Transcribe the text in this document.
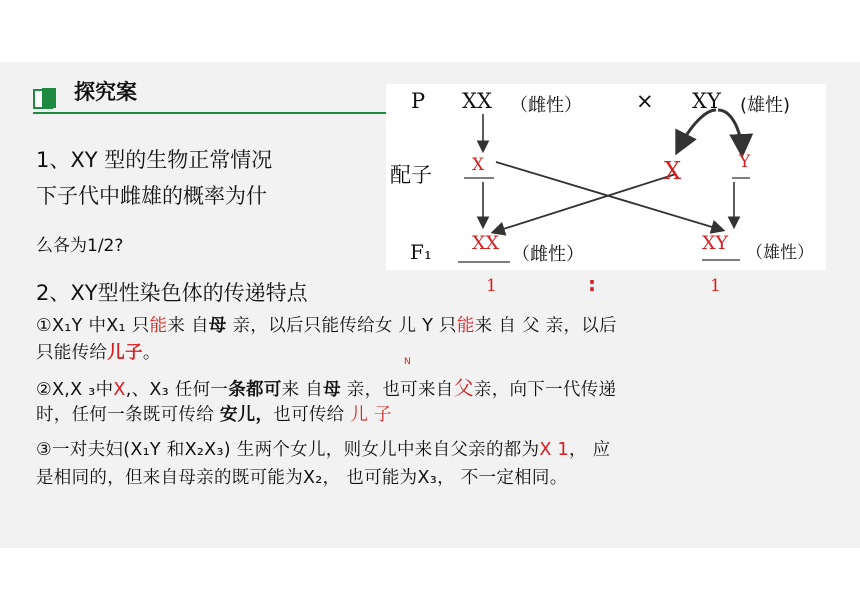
探究案	P XX （雌性）	× XY (雄性)
配子 X	X	Y
F₁ XX
（雌性）
XY （雄性）
1	:	1
1、XY 型的生物正常情况
下子代中雌雄的概率为什
么各为1/2?
2、XY型性染色体的传递特点
①X₁Y 中X₁ 只能来 自母 亲，以后只能传给女 儿 Y 只能来 自 父 亲，以后
只能传给儿子。	N
②X,X ₃中X,、X₃ 任何一条都可来 自母 亲，也可来自父亲，向下一代传递
时，任何一条既可传给 安儿，也可传给 儿 子
③一对夫妇(X₁Y 和X₂X₃) 生两个女儿，则女儿中来自父亲的都为X 1， 应
是相同的，但来自母亲的既可能为X₂， 也可能为X₃， 不一定相同。
